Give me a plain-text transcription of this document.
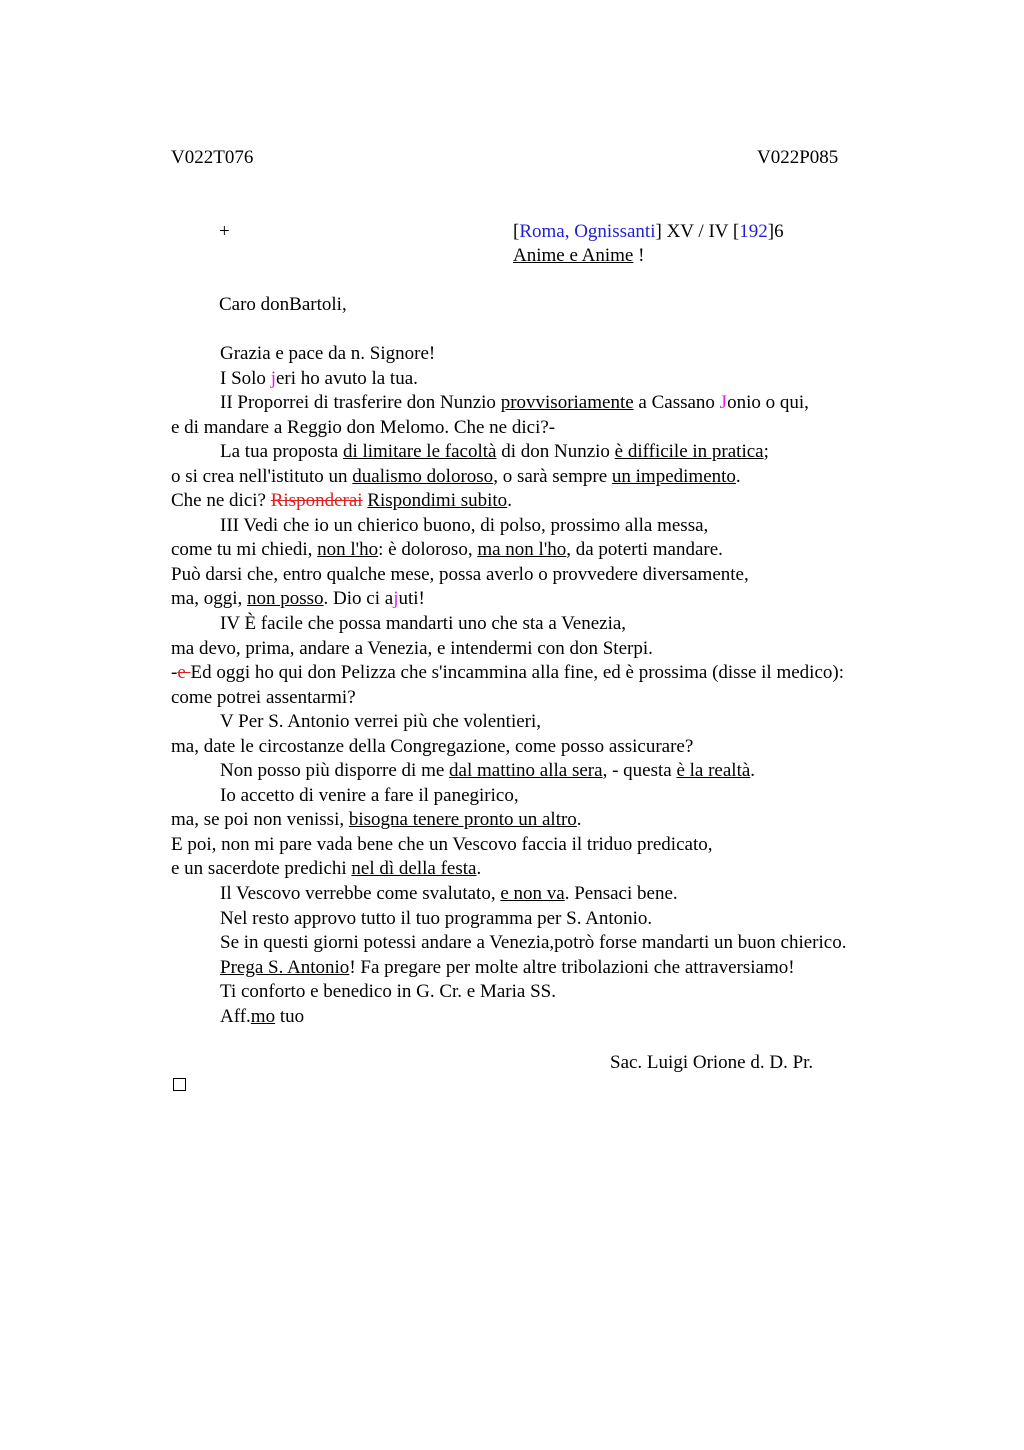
V022T076	V022P085
+	[Roma, Ognissanti] XV / IV [192]6
Anime e Anime !
Caro donBartoli,
Grazia e pace da n. Signore!
I Solo jeri ho avuto la tua.
II Proporrei di trasferire don Nunzio provvisoriamente a Cassano Jonio o qui,
e di mandare a Reggio don Melomo. Che ne dici?-
La tua proposta di limitare le facoltà di don Nunzio è difficile in pratica;
o si crea nell'istituto un dualismo doloroso, o sarà sempre un impedimento.
Che ne dici? Risponderai Rispondimi subito.
III Vedi che io un chierico buono, di polso, prossimo alla messa,
come tu mi chiedi, non l'ho: è doloroso, ma non l'ho, da poterti mandare.
Può darsi che, entro qualche mese, possa averlo o provvedere diversamente,
ma, oggi, non posso. Dio ci ajuti!
IV È facile che possa mandarti uno che sta a Venezia,
ma devo, prima, andare a Venezia, e intendermi con don Sterpi.
-e Ed oggi ho qui don Pelizza che s'incammina alla fine, ed è prossima (disse il medico):
come potrei assentarmi?
V Per S. Antonio verrei più che volentieri,
ma, date le circostanze della Congregazione, come posso assicurare?
Non posso più disporre di me dal mattino alla sera, - questa è la realtà.
Io accetto di venire a fare il panegirico,
ma, se poi non venissi, bisogna tenere pronto un altro.
E poi, non mi pare vada bene che un Vescovo faccia il triduo predicato,
e un sacerdote predichi nel dì della festa.
Il Vescovo verrebbe come svalutato, e non va. Pensaci bene.
Nel resto approvo tutto il tuo programma per S. Antonio.
Se in questi giorni potessi andare a Venezia,potrò forse mandarti un buon chierico.
Prega S. Antonio! Fa pregare per molte altre tribolazioni che attraversiamo!
Ti conforto e benedico in G. Cr. e Maria SS.
Aff.mo tuo
Sac. Luigi Orione d. D. Pr.
